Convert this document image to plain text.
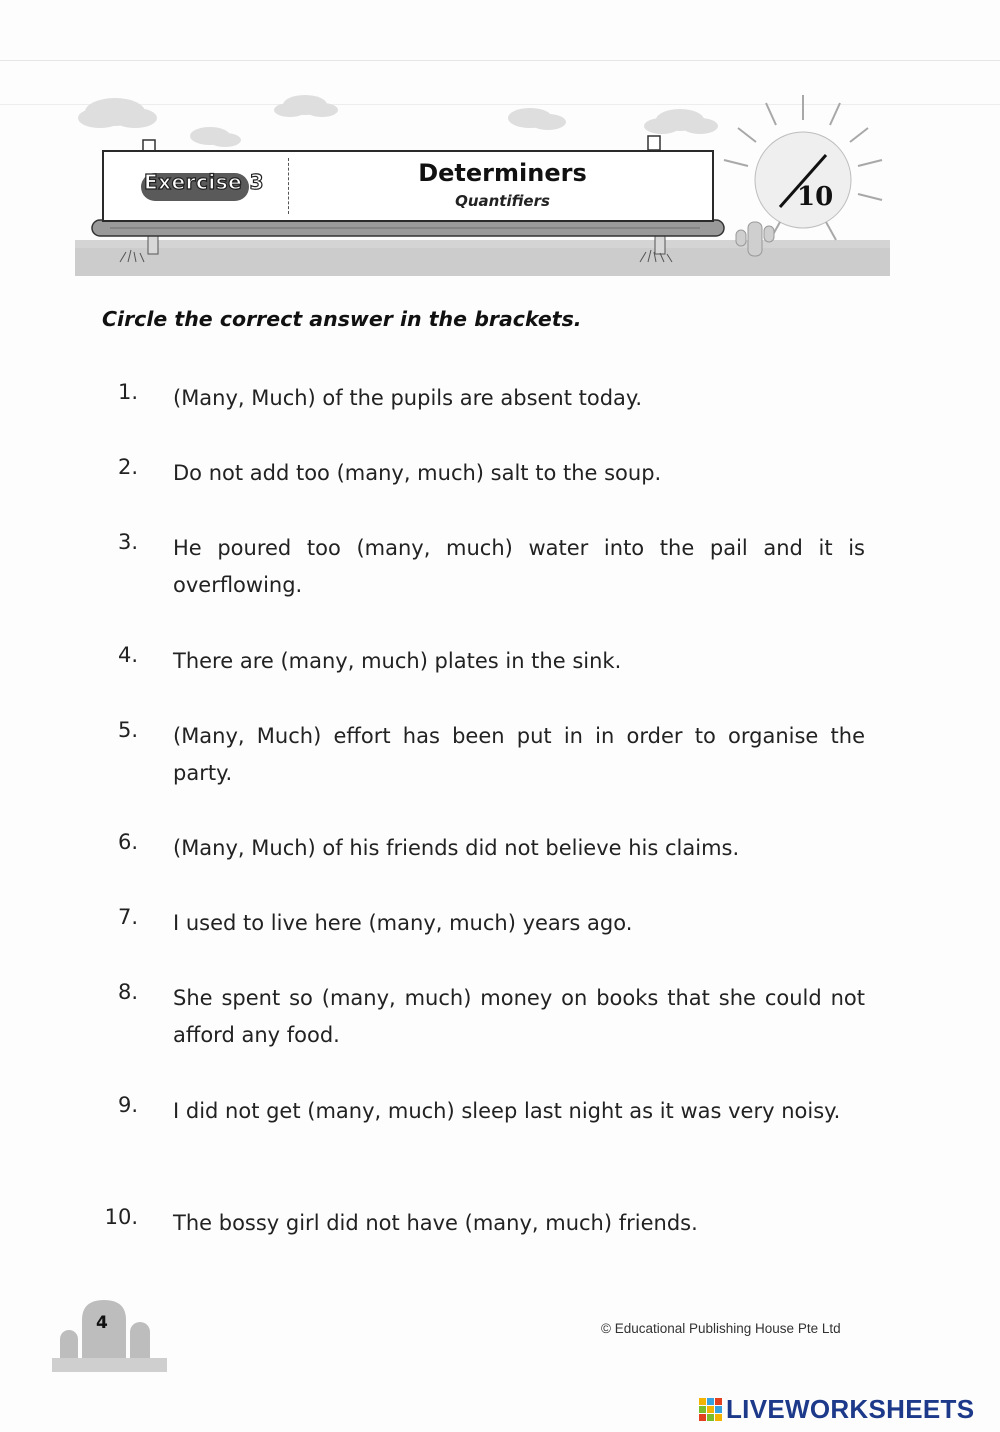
Exercise 3	Determiners
Quantifiers	10
Circle the correct answer in the brackets.
1. (Many, Much) of the pupils are absent today.
2. Do not add too (many, much) salt to the soup.
3. He poured too (many, much) water into the pail and it is overflowing.
4. There are (many, much) plates in the sink.
5. (Many, Much) effort has been put in in order to organise the party.
6. (Many, Much) of his friends did not believe his claims.
7. I used to live here (many, much) years ago.
8. She spent so (many, much) money on books that she could not afford any food.
9. I did not get (many, much) sleep last night as it was very noisy.
10. The bossy girl did not have (many, much) friends.
4	© Educational Publishing House Pte Ltd
LIVEWORKSHEETS
